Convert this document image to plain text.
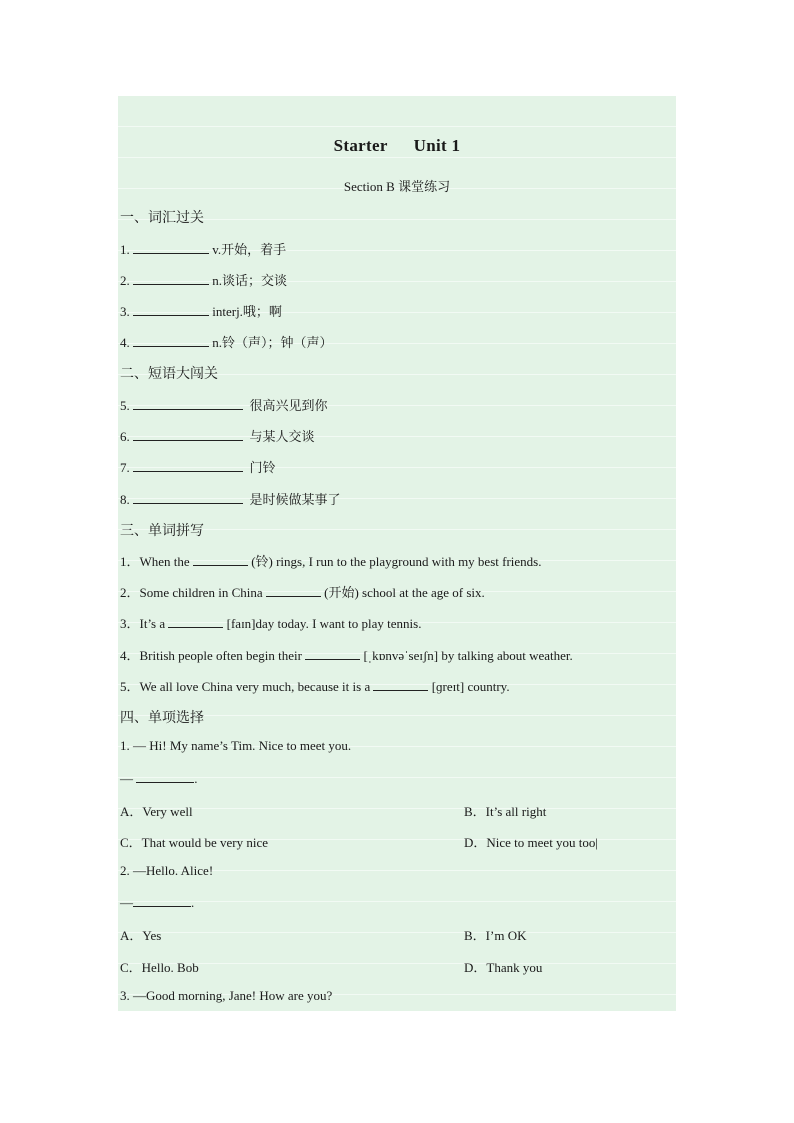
Starter Unit 1
Section B 课堂练习
一、词汇过关
1.	v.开始，着手
2.	n.谈话；交谈
3.	interj.哦；啊
4.	n.铃（声）；钟（声）
二、短语大闯关
5.	很高兴见到你
6.	与某人交谈
7.	门铃
8.	是时候做某事了
三、单词拼写
1．When the	(铃) rings, I run to the playground with my best friends.
2．Some children in China	(开始) school at the age of six.
3．It’s a	[faɪn]day today. I want to play tennis.
4．British people often begin their	[ˌkɒnvəˈseɪʃn] by talking about weather.
5．We all love China very much, because it is a	[ɡreɪt] country.
四、单项选择
1. — Hi! My name’s Tim. Nice to meet you.
—	.
A．Very well	B．It’s all right
C．That would be very nice	D．Nice to meet you too|
2. —Hello. Alice!
—	.
A．Yes	B．I’m OK
C．Hello. Bob	D．Thank you
3. —Good morning, Jane! How are you?
